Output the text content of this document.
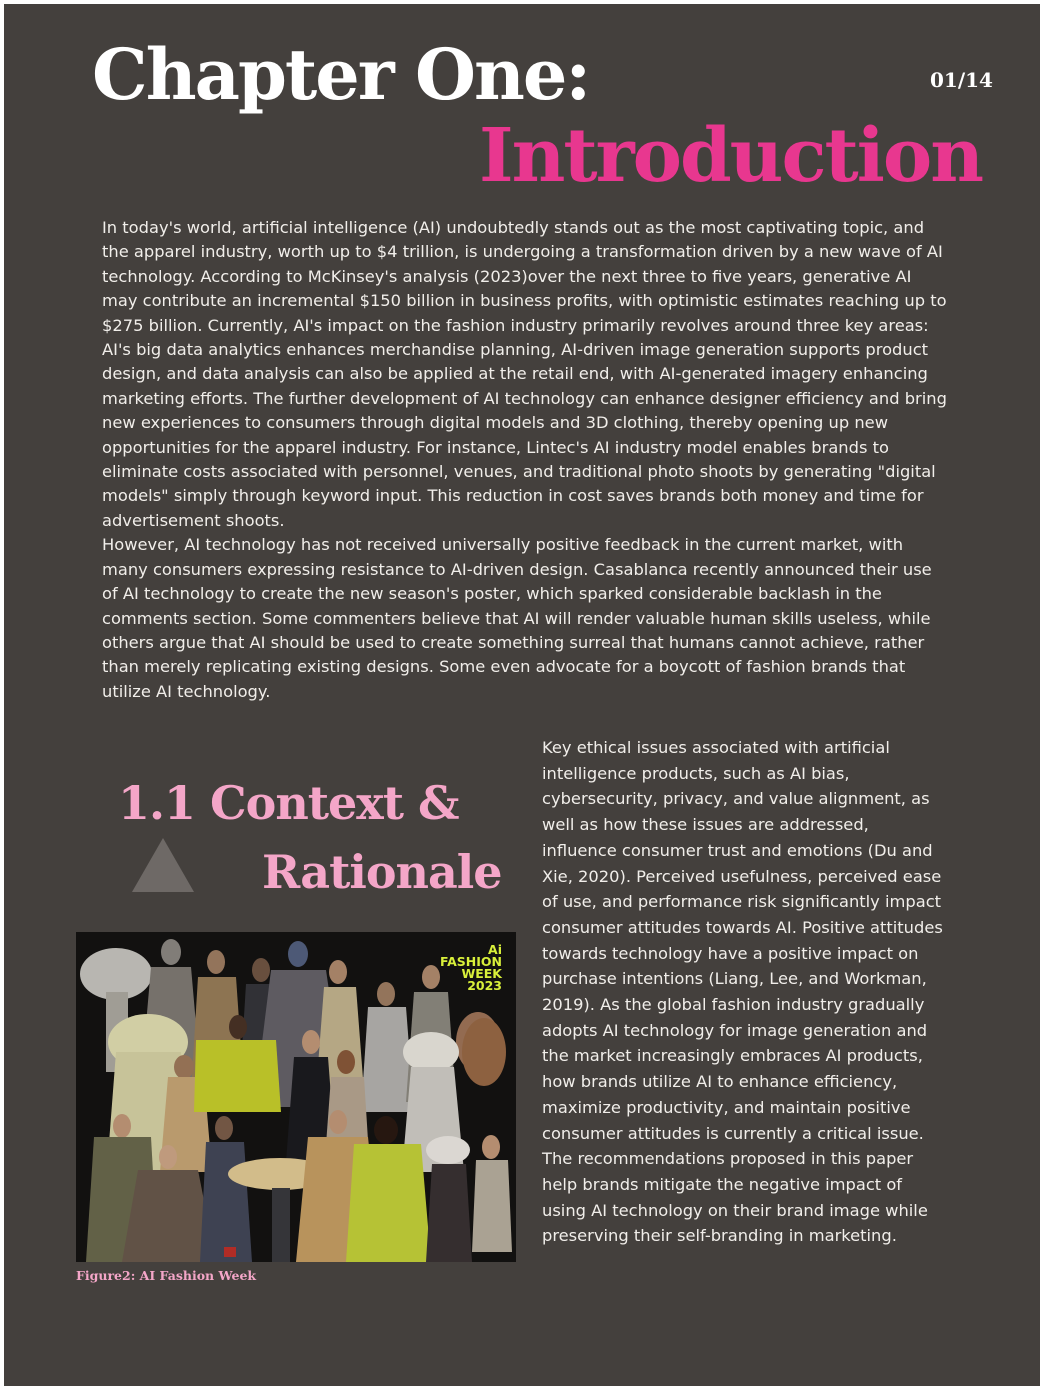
Chapter One:	01/14
Introduction

In today's world, artificial intelligence (AI) undoubtedly stands out as the most captivating topic, and the apparel industry, worth up to $4 trillion, is undergoing a transformation driven by a new wave of AI technology. According to McKinsey's analysis (2023)over the next three to five years, generative AI may contribute an incremental $150 billion in business profits, with optimistic estimates reaching up to $275 billion. Currently, AI's impact on the fashion industry primarily revolves around three key areas: AI's big data analytics enhances merchandise planning, AI-driven image generation supports product design, and data analysis can also be applied at the retail end, with AI-generated imagery enhancing marketing efforts. The further development of AI technology can enhance designer efficiency and bring new experiences to consumers through digital models and 3D clothing, thereby opening up new opportunities for the apparel industry. For instance, Lintec's AI industry model enables brands to eliminate costs associated with personnel, venues, and traditional photo shoots by generating "digital models" simply through keyword input. This reduction in cost saves brands both money and time for advertisement shoots.

However, AI technology has not received universally positive feedback in the current market, with many consumers expressing resistance to AI-driven design. Casablanca recently announced their use of AI technology to create the new season's poster, which sparked considerable backlash in the comments section. Some commenters believe that AI will render valuable human skills useless, while others argue that AI should be used to create something surreal that humans cannot achieve, rather than merely replicating existing designs. Some even advocate for a boycott of fashion brands that utilize AI technology.

1.1 Context &
Rationale
Ai
FASHION
WEEK
2023
Figure2: AI Fashion Week
Key ethical issues associated with artificial intelligence products, such as AI bias, cybersecurity, privacy, and value alignment, as well as how these issues are addressed, influence consumer trust and emotions (Du and Xie, 2020). Perceived usefulness, perceived ease of use, and performance risk significantly impact consumer attitudes towards AI. Positive attitudes towards technology have a positive impact on purchase intentions (Liang, Lee, and Workman, 2019). As the global fashion industry gradually adopts AI technology for image generation and the market increasingly embraces AI products, how brands utilize AI to enhance efficiency, maximize productivity, and maintain positive consumer attitudes is currently a critical issue. The recommendations proposed in this paper help brands mitigate the negative impact of using AI technology on their brand image while preserving their self-branding in marketing.
